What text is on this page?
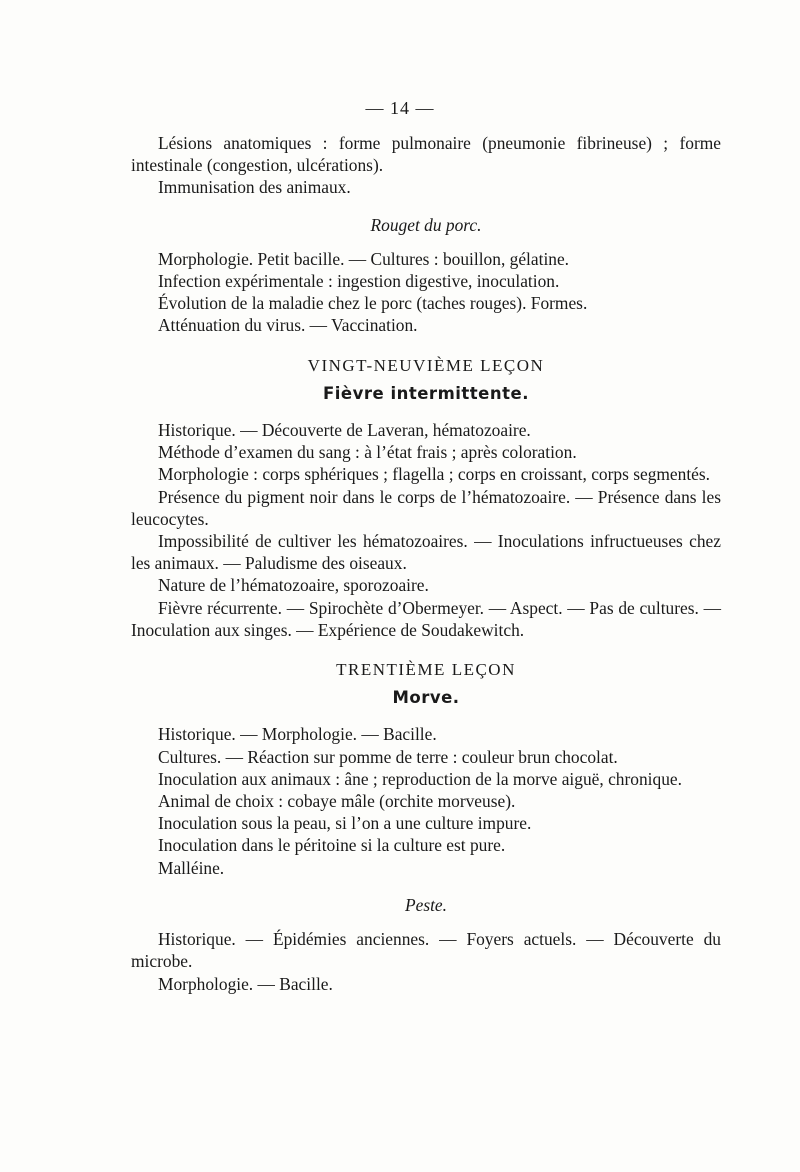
— 14 —
Lésions anatomiques : forme pulmonaire (pneumonie fibrineuse) ; forme intestinale (congestion, ulcérations).
Immunisation des animaux.
Rouget du porc.
Morphologie. Petit bacille. — Cultures : bouillon, gélatine.
Infection expérimentale : ingestion digestive, inoculation.
Évolution de la maladie chez le porc (taches rouges). Formes.
Atténuation du virus. — Vaccination.
VINGT-NEUVIÈME LEÇON
Fièvre intermittente.
Historique. — Découverte de Laveran, hématozoaire.
Méthode d’examen du sang : à l’état frais ; après coloration.
Morphologie : corps sphériques ; flagella ; corps en croissant, corps segmentés.
Présence du pigment noir dans le corps de l’hématozoaire. — Présence dans les leucocytes.
Impossibilité de cultiver les hématozoaires. — Inoculations infructueuses chez les animaux. — Paludisme des oiseaux.
Nature de l’hématozoaire, sporozoaire.
Fièvre récurrente. — Spirochète d’Obermeyer. — Aspect. — Pas de cultures. — Inoculation aux singes. — Expérience de Soudakewitch.
TRENTIÈME LEÇON
Morve.
Historique. — Morphologie. — Bacille.
Cultures. — Réaction sur pomme de terre : couleur brun chocolat.
Inoculation aux animaux : âne ; reproduction de la morve aiguë, chronique.
Animal de choix : cobaye mâle (orchite morveuse).
Inoculation sous la peau, si l’on a une culture impure.
Inoculation dans le péritoine si la culture est pure.
Malléine.
Peste.
Historique. — Épidémies anciennes. — Foyers actuels. — Découverte du microbe.
Morphologie. — Bacille.
